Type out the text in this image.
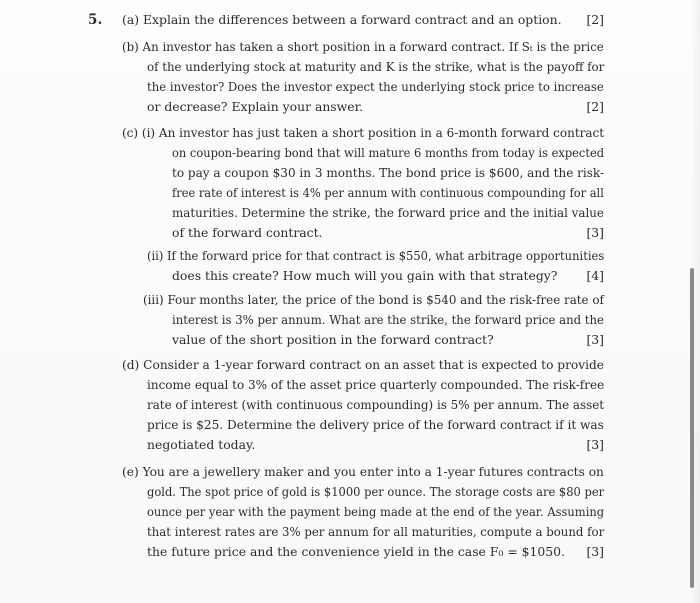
5. (a) Explain the differences between a forward contract and an option. [2]
(b) An investor has taken a short position in a forward contract. If Sₜ is the price
of the underlying stock at maturity and K is the strike, what is the payoff for
the investor? Does the investor expect the underlying stock price to increase
or decrease? Explain your answer.	[2]
(c) (i) An investor has just taken a short position in a 6-month forward contract
on coupon-bearing bond that will mature 6 months from today is expected
to pay a coupon $30 in 3 months. The bond price is $600, and the risk-
free rate of interest is 4% per annum with continuous compounding for all
maturities. Determine the strike, the forward price and the initial value
of the forward contract.	[3]
(ii) If the forward price for that contract is $550, what arbitrage opportunities
does this create? How much will you gain with that strategy? [4]
(iii) Four months later, the price of the bond is $540 and the risk-free rate of
interest is 3% per annum. What are the strike, the forward price and the
value of the short position in the forward contract?	[3]
(d) Consider a 1-year forward contract on an asset that is expected to provide
income equal to 3% of the asset price quarterly compounded. The risk-free
rate of interest (with continuous compounding) is 5% per annum. The asset
price is $25. Determine the delivery price of the forward contract if it was
negotiated today.	[3]
(e) You are a jewellery maker and you enter into a 1-year futures contracts on
gold. The spot price of gold is $1000 per ounce. The storage costs are $80 per
ounce per year with the payment being made at the end of the year. Assuming
that interest rates are 3% per annum for all maturities, compute a bound for
the future price and the convenience yield in the case F₀ = $1050. [3]
